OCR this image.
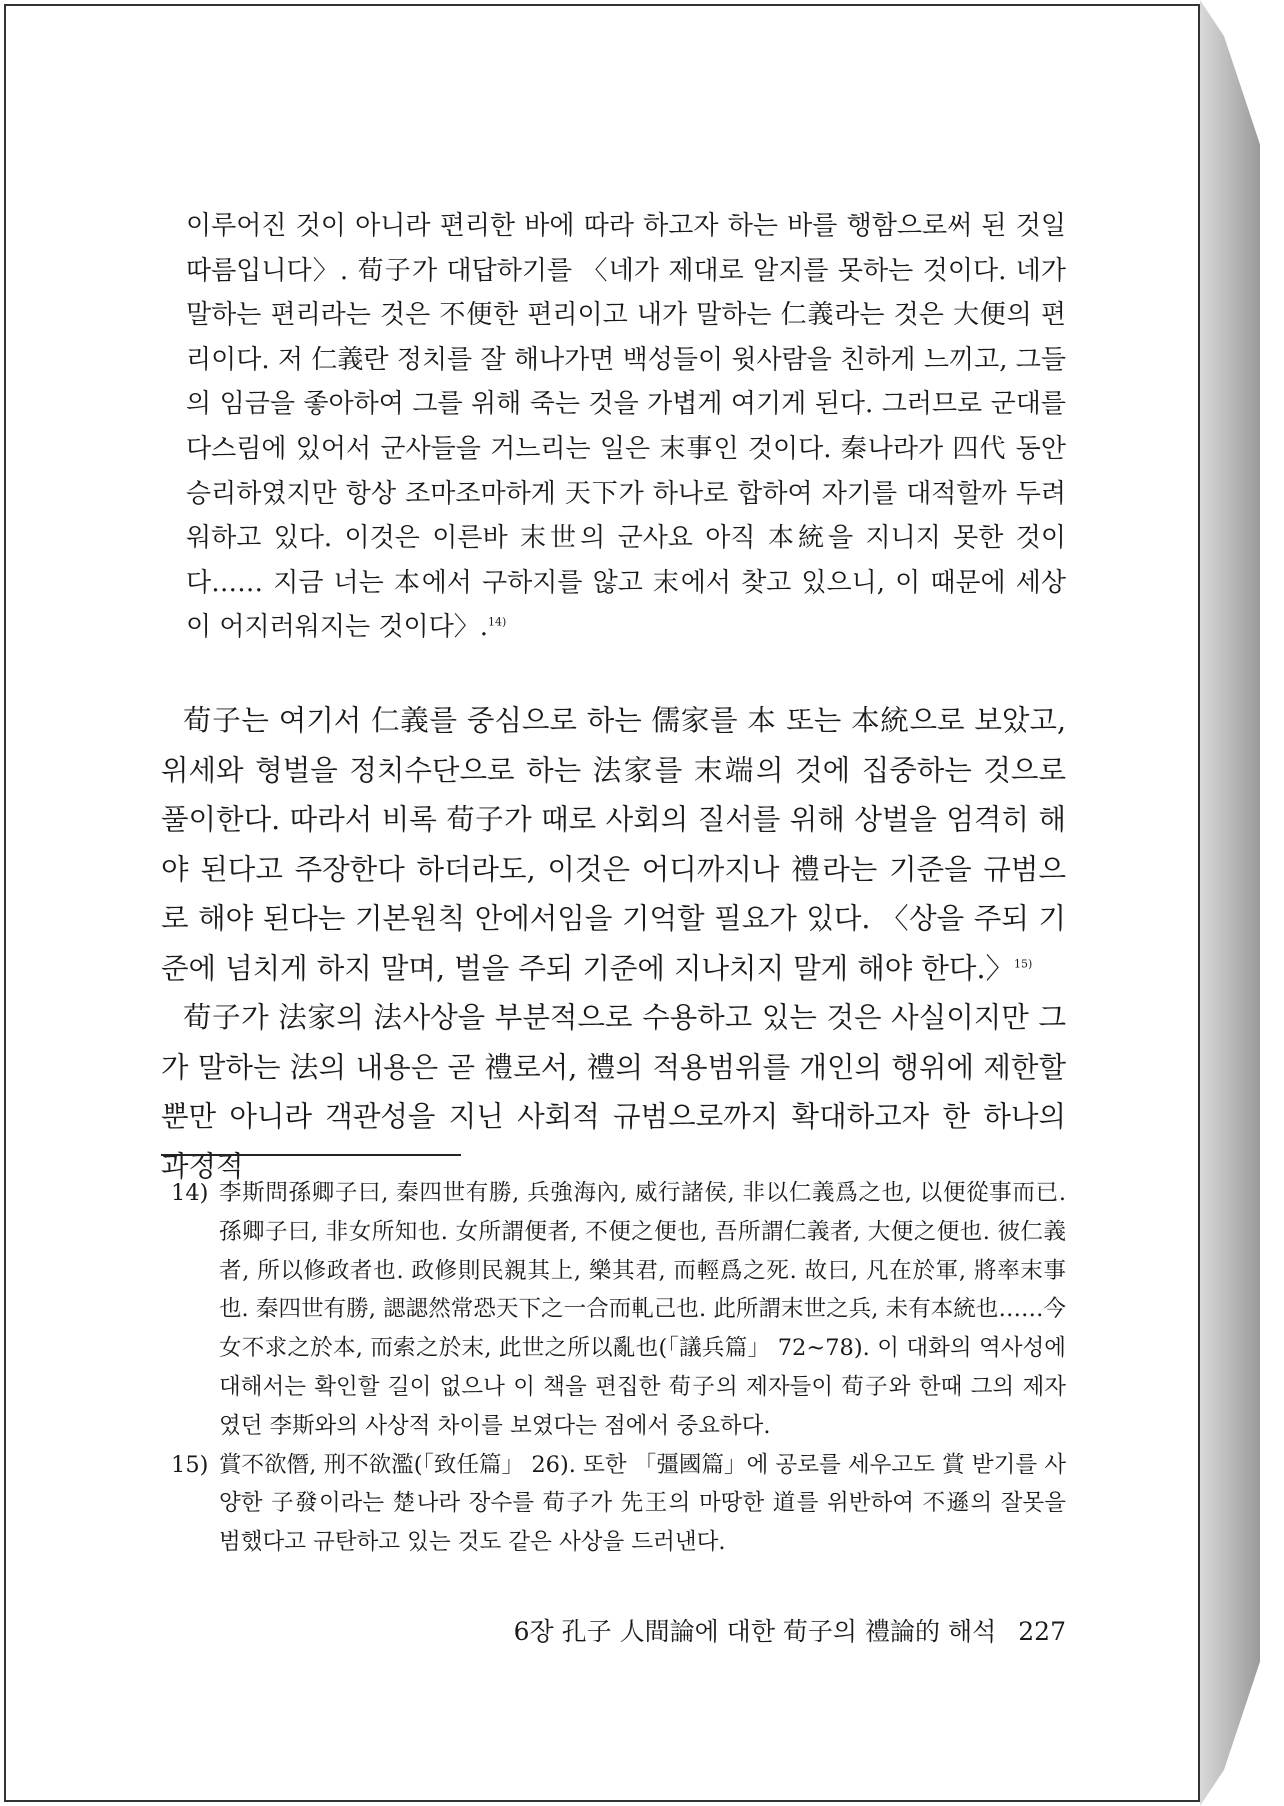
이루어진 것이 아니라 편리한 바에 따라 하고자 하는 바를 행함으로써 된 것일 따름입니다〉. 荀子가 대답하기를 〈네가 제대로 알지를 못하는 것이다. 네가 말하는 편리라는 것은 不便한 편리이고 내가 말하는 仁義라는 것은 大便의 편리이다. 저 仁義란 정치를 잘 해나가면 백성들이 윗사람을 친하게 느끼고, 그들의 임금을 좋아하여 그를 위해 죽는 것을 가볍게 여기게 된다. 그러므로 군대를 다스림에 있어서 군사들을 거느리는 일은 末事인 것이다. 秦나라가 四代 동안 승리하였지만 항상 조마조마하게 天下가 하나로 합하여 자기를 대적할까 두려워하고 있다. 이것은 이른바 末世의 군사요 아직 本統을 지니지 못한 것이다…… 지금 너는 本에서 구하지를 않고 末에서 찾고 있으니, 이 때문에 세상이 어지러워지는 것이다〉.$^{14)}$

荀子는 여기서 仁義를 중심으로 하는 儒家를 本 또는 本統으로 보았고, 위세와 형벌을 정치수단으로 하는 法家를 末端의 것에 집중하는 것으로 풀이한다. 따라서 비록 荀子가 때로 사회의 질서를 위해 상벌을 엄격히 해야 된다고 주장한다 하더라도, 이것은 어디까지나 禮라는 기준을 규범으로 해야 된다는 기본원칙 안에서임을 기억할 필요가 있다. 〈상을 주되 기준에 넘치게 하지 말며, 벌을 주되 기준에 지나치지 말게 해야 한다.〉$^{15)}$

荀子가 法家의 法사상을 부분적으로 수용하고 있는 것은 사실이지만 그가 말하는 法의 내용은 곧 禮로서, 禮의 적용범위를 개인의 행위에 제한할 뿐만 아니라 객관성을 지닌 사회적 규범으로까지 확대하고자 한 하나의 과정적

14) 李斯問孫卿子曰, 秦四世有勝, 兵強海內, 威行諸侯, 非以仁義爲之也, 以便從事而已. 孫卿子曰, 非女所知也. 女所謂便者, 不便之便也, 吾所謂仁義者, 大便之便也. 彼仁義者, 所以修政者也. 政修則民親其上, 樂其君, 而輕爲之死. 故曰, 凡在於軍, 將率末事也. 秦四世有勝, 諰諰然常恐天下之一合而軋己也. 此所謂末世之兵, 未有本統也……今女不求之於本, 而索之於末, 此世之所以亂也(「議兵篇」 72~78). 이 대화의 역사성에 대해서는 확인할 길이 없으나 이 책을 편집한 荀子의 제자들이 荀子와 한때 그의 제자였던 李斯와의 사상적 차이를 보였다는 점에서 중요하다.

15) 賞不欲僭, 刑不欲濫(「致任篇」 26). 또한 「彊國篇」에 공로를 세우고도 賞 받기를 사양한 子發이라는 楚나라 장수를 荀子가 先王의 마땅한 道를 위반하여 不遜의 잘못을 범했다고 규탄하고 있는 것도 같은 사상을 드러낸다.

6장 孔子 人間論에 대한 荀子의 禮論的 해석 227
